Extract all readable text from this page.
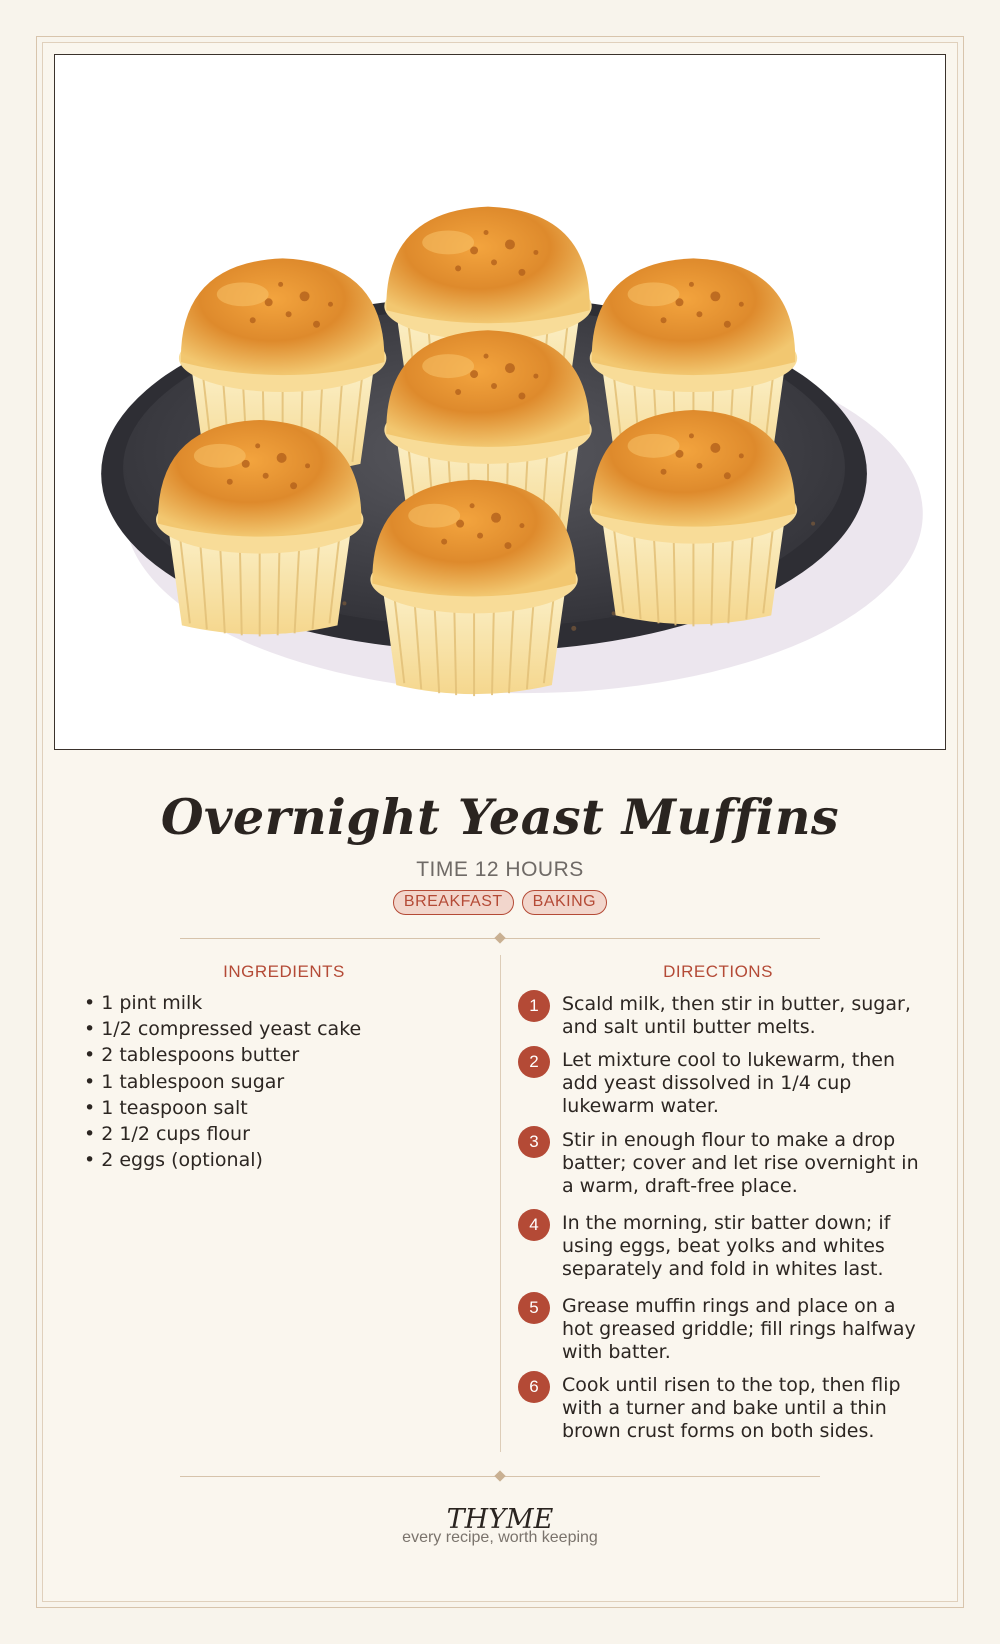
Overnight Yeast Muffins
TIME 12 HOURS
BREAKFAST BAKING
INGREDIENTS
• 1 pint milk
• 1/2 compressed yeast cake
• 2 tablespoons butter
• 1 tablespoon sugar
• 1 teaspoon salt
• 2 1/2 cups flour
• 2 eggs (optional)
DIRECTIONS
1	Scald milk, then stir in butter, sugar, and salt until butter melts.
2	Let mixture cool to lukewarm, then add yeast dissolved in 1/4 cup lukewarm water.
3	Stir in enough flour to make a drop batter; cover and let rise overnight in a warm, draft-free place.
4	In the morning, stir batter down; if using eggs, beat yolks and whites separately and fold in whites last.
5	Grease muffin rings and place on a hot greased griddle; fill rings halfway with batter.
6	Cook until risen to the top, then flip with a turner and bake until a thin brown crust forms on both sides.
THYME
every recipe, worth keeping
